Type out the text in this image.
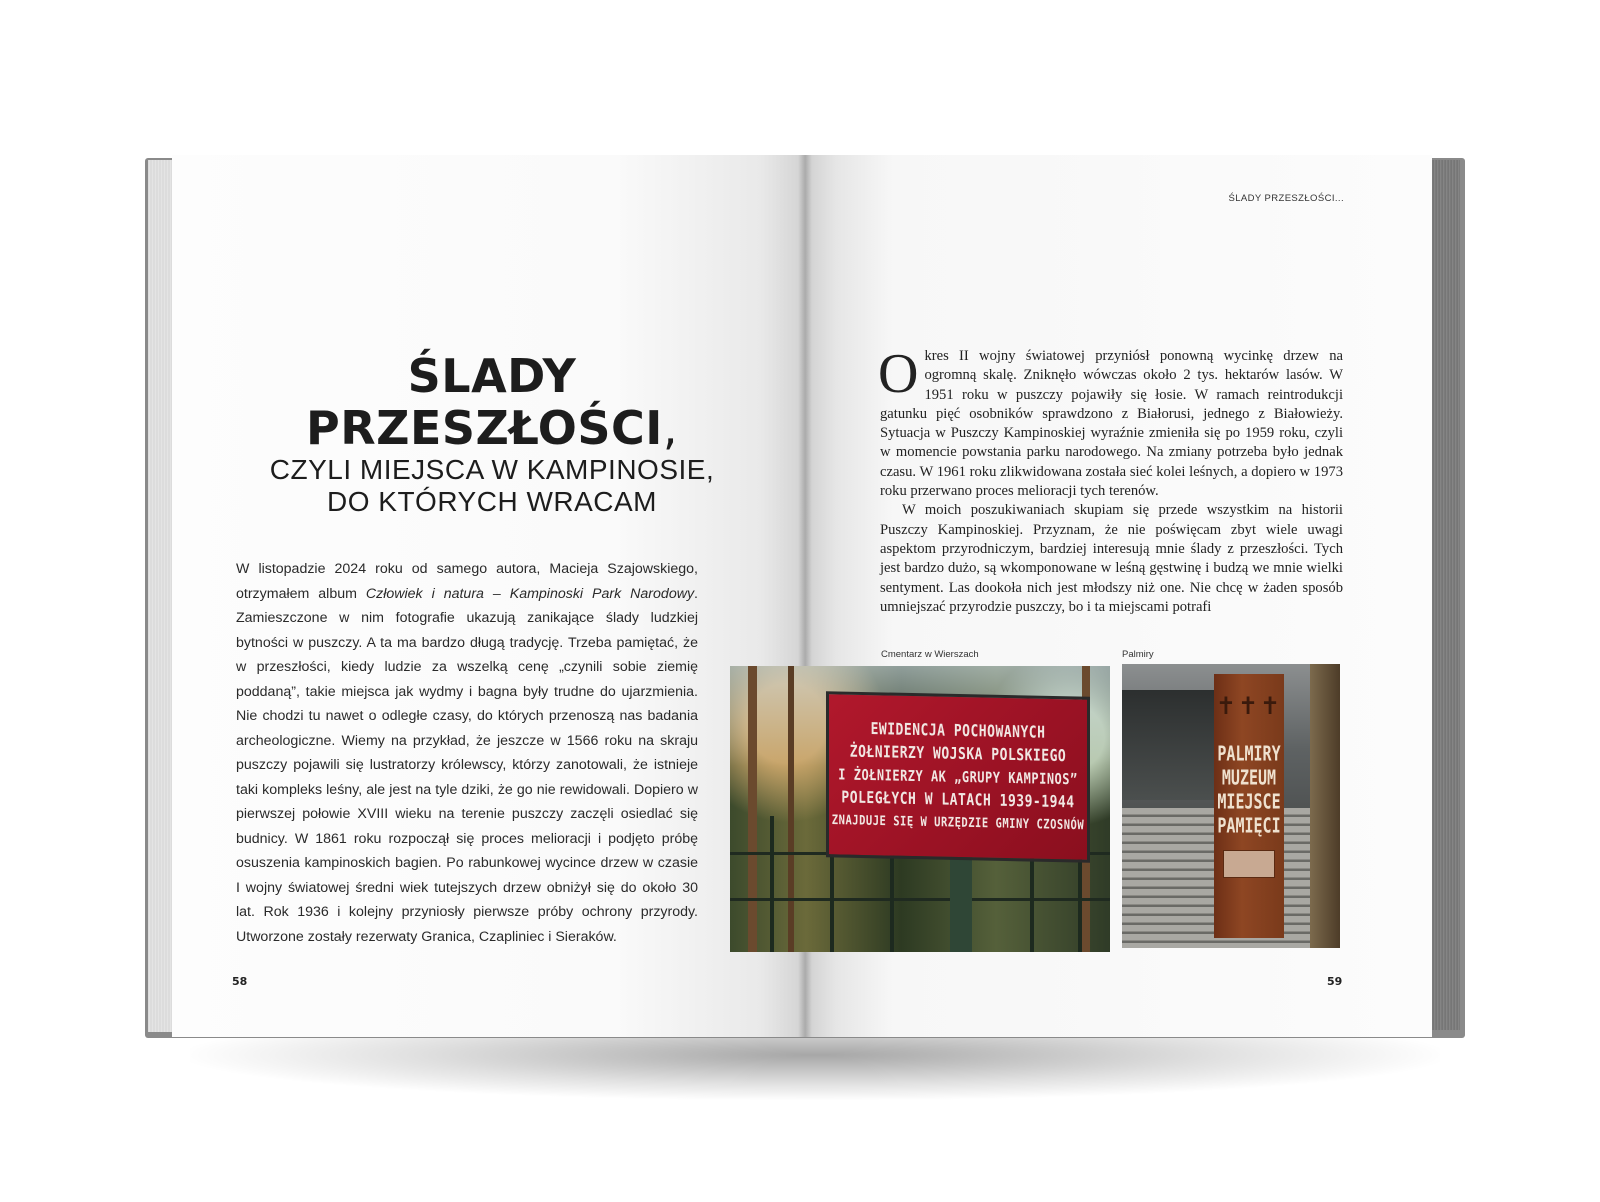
ŚLADY
PRZESZŁOŚCI,
CZYLI MIEJSCA W KAMPINOSIE,
DO KTÓRYCH WRACAM
W listopadzie 2024 roku od samego autora, Macieja Szajowskiego, otrzymałem album Człowiek i natura – Kampinoski Park Narodowy. Zamieszczone w nim fotografie ukazują zanikające ślady ludzkiej bytności w puszczy. A ta ma bardzo długą tradycję. Trzeba pamiętać, że w przeszłości, kiedy ludzie za wszelką cenę „czynili sobie ziemię poddaną”, takie miejsca jak wydmy i bagna były trudne do ujarzmienia. Nie chodzi tu nawet o odległe czasy, do których przenoszą nas badania archeologiczne. Wiemy na przykład, że jeszcze w 1566 roku na skraju puszczy pojawili się lustratorzy królewscy, którzy zanotowali, że istnieje taki kompleks leśny, ale jest na tyle dziki, że go nie rewidowali. Dopiero w pierwszej połowie XVIII wieku na terenie puszczy zaczęli osiedlać się budnicy. W 1861 roku rozpoczął się proces melioracji i podjęto próbę osuszenia kampinoskich bagien. Po rabunkowej wycince drzew w czasie I wojny światowej średni wiek tutejszych drzew obniżył się do około 30 lat. Rok 1936 i kolejny przyniosły pierwsze próby ochrony przyrody. Utworzone zostały rezerwaty Granica, Czapliniec i Sieraków.
58
ŚLADY PRZESZŁOŚCI...

Okres II wojny światowej przyniósł ponowną wycinkę drzew na ogromną skalę. Zniknęło wówczas około 2 tys. hektarów lasów. W 1951 roku w puszczy pojawiły się łosie. W ramach reintrodukcji gatunku pięć osobników sprawdzono z Białorusi, jednego z Białowieży. Sytuacja w Puszczy Kampinoskiej wyraźnie zmieniła się po 1959 roku, czyli w momencie powstania parku narodowego. Na zmiany potrzeba było jednak czasu. W 1961 roku zlikwidowana została sieć kolei leśnych, a dopiero w 1973 roku przerwano proces melioracji tych terenów.

W moich poszukiwaniach skupiam się przede wszystkim na historii Puszczy Kampinoskiej. Przyznam, że nie poświęcam zbyt wiele uwagi aspektom przyrodniczym, bardziej interesują mnie ślady z przeszłości. Tych jest bardzo dużo, są wkomponowane w leśną gęstwinę i budzą we mnie wielki sentyment. Las dookoła nich jest młodszy niż one. Nie chcę w żaden sposób umniejszać przyrodzie puszczy, bo i ta miejscami potrafi

Cmentarz w Wierszach	Palmiry
59
EWIDENCJA POCHOWANYCH
ŻOŁNIERZY WOJSKA POLSKIEGO
I ŻOŁNIERZY AK „GRUPY KAMPINOS”
POLEGŁYCH W LATACH 1939-1944
ZNAJDUJE SIĘ W URZĘDZIE GMINY CZOSNÓW
✝✝✝
PALMIRY
MUZEUM
MIEJSCE
PAMIĘCI
